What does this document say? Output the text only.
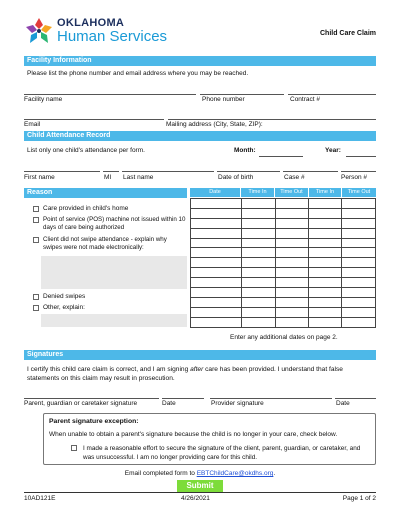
OKLAHOMA
Human Services	Child Care Claim
Facility Information
Please list the phone number and email address where you may be reached.
Facility name	Phone number	Contract #
Email	Mailing address (City, State, ZIP):
Child Attendance Record
List only one child's attendance per form.	Month:	Year:
First name	MI Last name	Date of birth	Case #	Person #
Reason
Care provided in child's home
Point of service (POS) machine not issued within 10 days of care being authorized
Client did not swipe attendance - explain why swipes were not made electronically:
Denied swipes
Other, explain:
Date	Time In	Time Out	Time In	Time Out

Enter any additional dates on page 2.
Signatures
I certify this child care claim is correct, and I am signing after care has been provided. I understand that false statements on this claim may result in prosecution.
Parent, guardian or caretaker signature	Date	Provider signature	Date
Parent signature exception:
When unable to obtain a parent's signature because the child is no longer in your care, check below.
I made a reasonable effort to secure the signature of the client, parent, guardian, or caretaker, and was unsuccessful. I am no longer providing care for this child.
Email completed form to EBTChildCare@okdhs.org.
Submit
10AD121E	4/26/2021	Page 1 of 2
